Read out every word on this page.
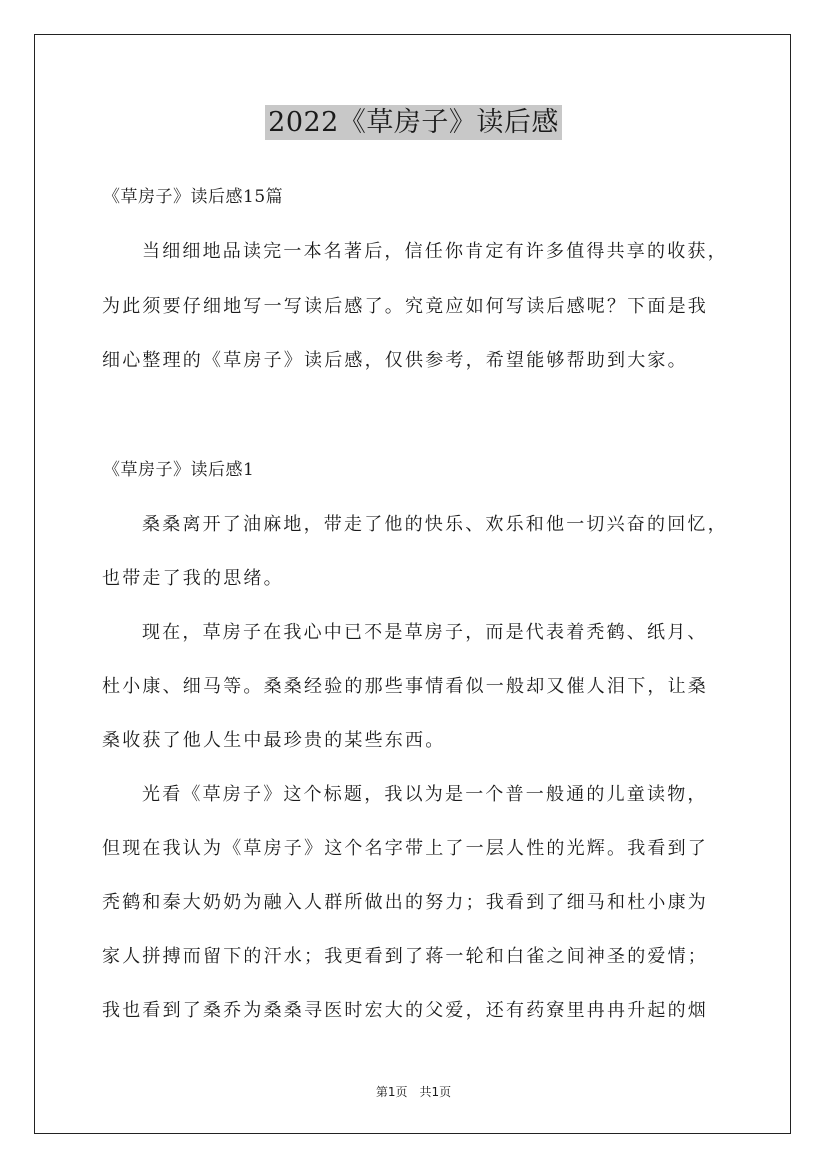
2022《草房子》读后感
《草房子》读后感15篇
当细细地品读完一本名著后，信任你肯定有许多值得共享的收获，
为此须要仔细地写一写读后感了。究竟应如何写读后感呢？下面是我
细心整理的《草房子》读后感，仅供参考，希望能够帮助到大家。
《草房子》读后感1
桑桑离开了油麻地，带走了他的快乐、欢乐和他一切兴奋的回忆，
也带走了我的思绪。
现在，草房子在我心中已不是草房子，而是代表着秃鹤、纸月、
杜小康、细马等。桑桑经验的那些事情看似一般却又催人泪下，让桑
桑收获了他人生中最珍贵的某些东西。
光看《草房子》这个标题，我以为是一个普一般通的儿童读物，
但现在我认为《草房子》这个名字带上了一层人性的光辉。我看到了
秃鹤和秦大奶奶为融入人群所做出的努力；我看到了细马和杜小康为
家人拼搏而留下的汗水；我更看到了蒋一轮和白雀之间神圣的爱情；
我也看到了桑乔为桑桑寻医时宏大的父爱，还有药寮里冉冉升起的烟
第1页　共1页
